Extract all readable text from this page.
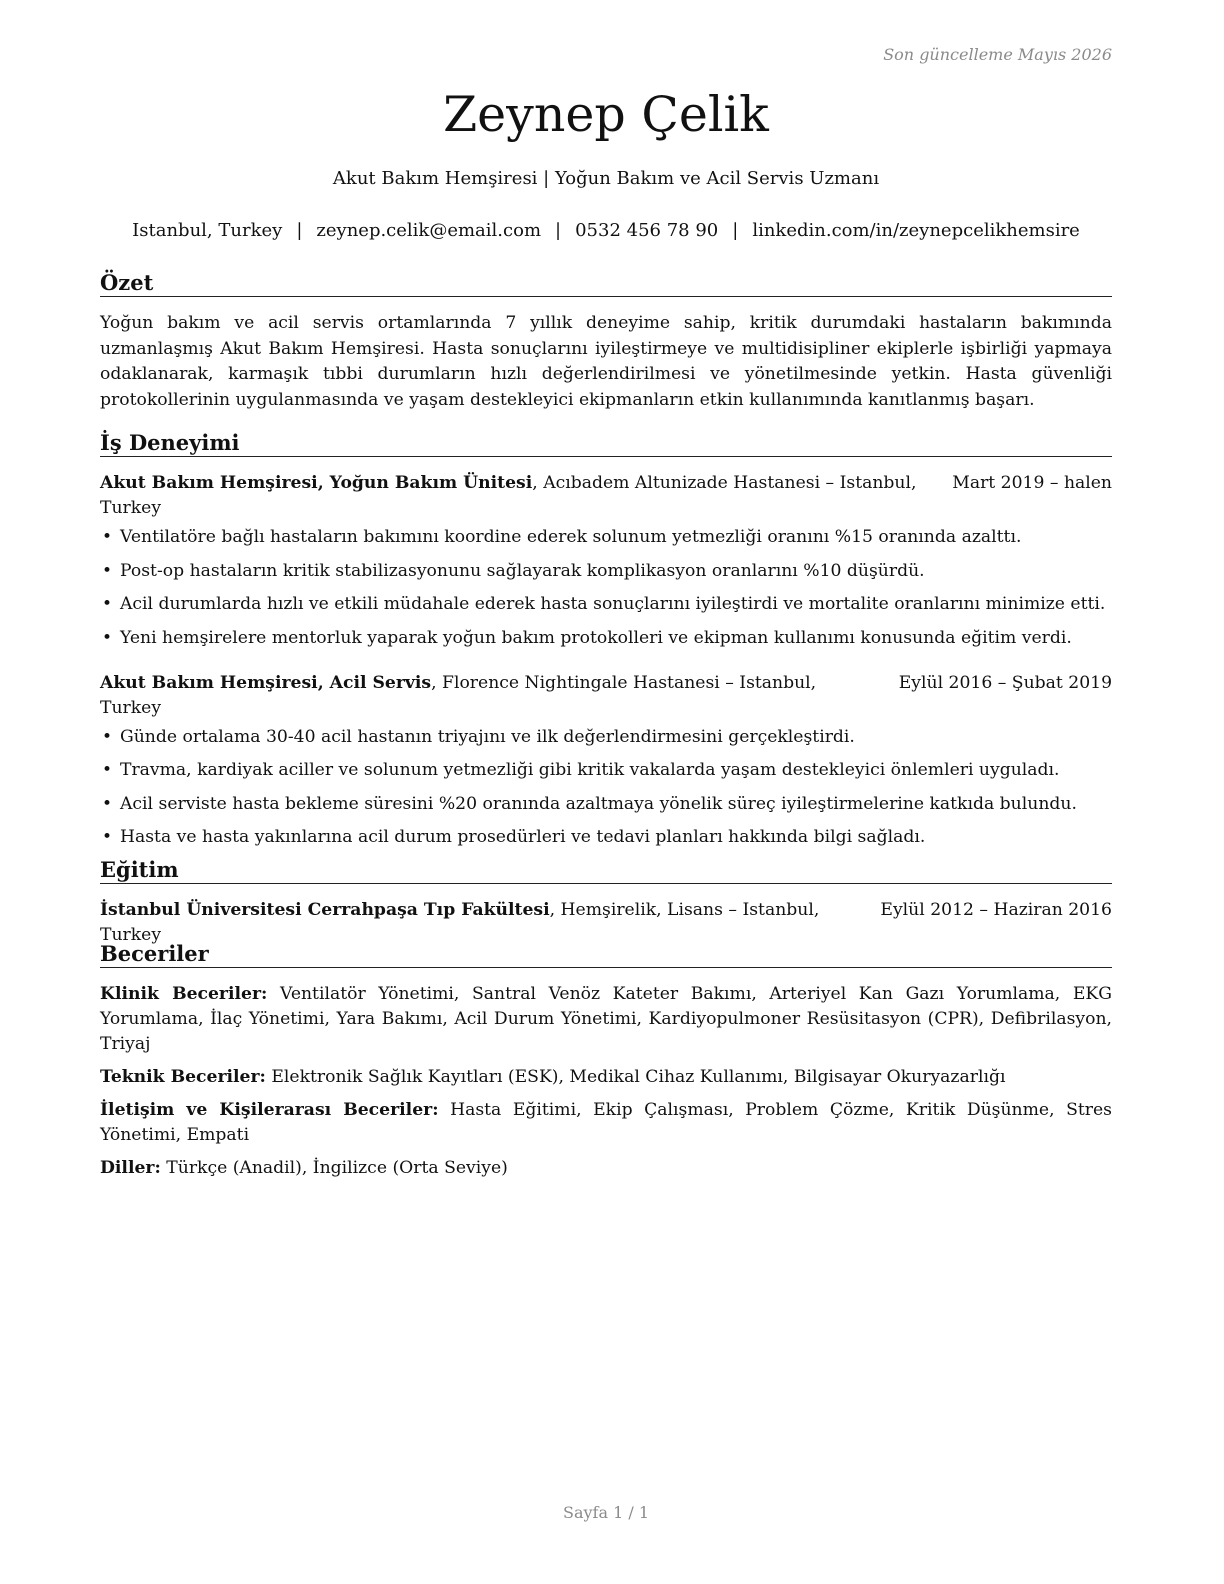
Son güncelleme Mayıs 2026
Zeynep Çelik
Akut Bakım Hemşiresi | Yoğun Bakım ve Acil Servis Uzmanı
Istanbul, Turkey | zeynep.celik@email.com | 0532 456 78 90 | linkedin.com/in/zeynepcelikhemsire
Özet
Yoğun bakım ve acil servis ortamlarında 7 yıllık deneyime sahip, kritik durumdaki hastaların bakımında uzmanlaşmış Akut Bakım Hemşiresi. Hasta sonuçlarını iyileştirmeye ve multidisipliner ekiplerle işbirliği yapmaya odaklanarak, karmaşık tıbbi durumların hızlı değerlendirilmesi ve yönetilmesinde yetkin. Hasta güvenliği protokollerinin uygulanmasında ve yaşam destekleyici ekipmanların etkin kullanımında kanıtlanmış başarı.
İş Deneyimi
Akut Bakım Hemşiresi, Yoğun Bakım Ünitesi, Acıbadem Altunizade Hastanesi – Istanbul, Turkey
Mart 2019 – halen
• Ventilatöre bağlı hastaların bakımını koordine ederek solunum yetmezliği oranını %15 oranında azalttı.
• Post-op hastaların kritik stabilizasyonunu sağlayarak komplikasyon oranlarını %10 düşürdü.
• Acil durumlarda hızlı ve etkili müdahale ederek hasta sonuçlarını iyileştirdi ve mortalite oranlarını minimize etti.
• Yeni hemşirelere mentorluk yaparak yoğun bakım protokolleri ve ekipman kullanımı konusunda eğitim verdi.
Akut Bakım Hemşiresi, Acil Servis, Florence Nightingale Hastanesi – Istanbul, Turkey
Eylül 2016 – Şubat 2019
• Günde ortalama 30-40 acil hastanın triyajını ve ilk değerlendirmesini gerçekleştirdi.
• Travma, kardiyak aciller ve solunum yetmezliği gibi kritik vakalarda yaşam destekleyici önlemleri uyguladı.
• Acil serviste hasta bekleme süresini %20 oranında azaltmaya yönelik süreç iyileştirmelerine katkıda bulundu.
• Hasta ve hasta yakınlarına acil durum prosedürleri ve tedavi planları hakkında bilgi sağladı.
Eğitim
İstanbul Üniversitesi Cerrahpaşa Tıp Fakültesi, Hemşirelik, Lisans – Istanbul, Turkey
Eylül 2012 – Haziran 2016
Beceriler
Klinik Beceriler: Ventilatör Yönetimi, Santral Venöz Kateter Bakımı, Arteriyel Kan Gazı Yorumlama, EKG Yorumlama, İlaç Yönetimi, Yara Bakımı, Acil Durum Yönetimi, Kardiyopulmoner Resüsitasyon (CPR), Defibrilasyon, Triyaj
Teknik Beceriler: Elektronik Sağlık Kayıtları (ESK), Medikal Cihaz Kullanımı, Bilgisayar Okuryazarlığı
İletişim ve Kişilerarası Beceriler: Hasta Eğitimi, Ekip Çalışması, Problem Çözme, Kritik Düşünme, Stres Yönetimi, Empati
Diller: Türkçe (Anadil), İngilizce (Orta Seviye)
Sayfa 1 / 1
